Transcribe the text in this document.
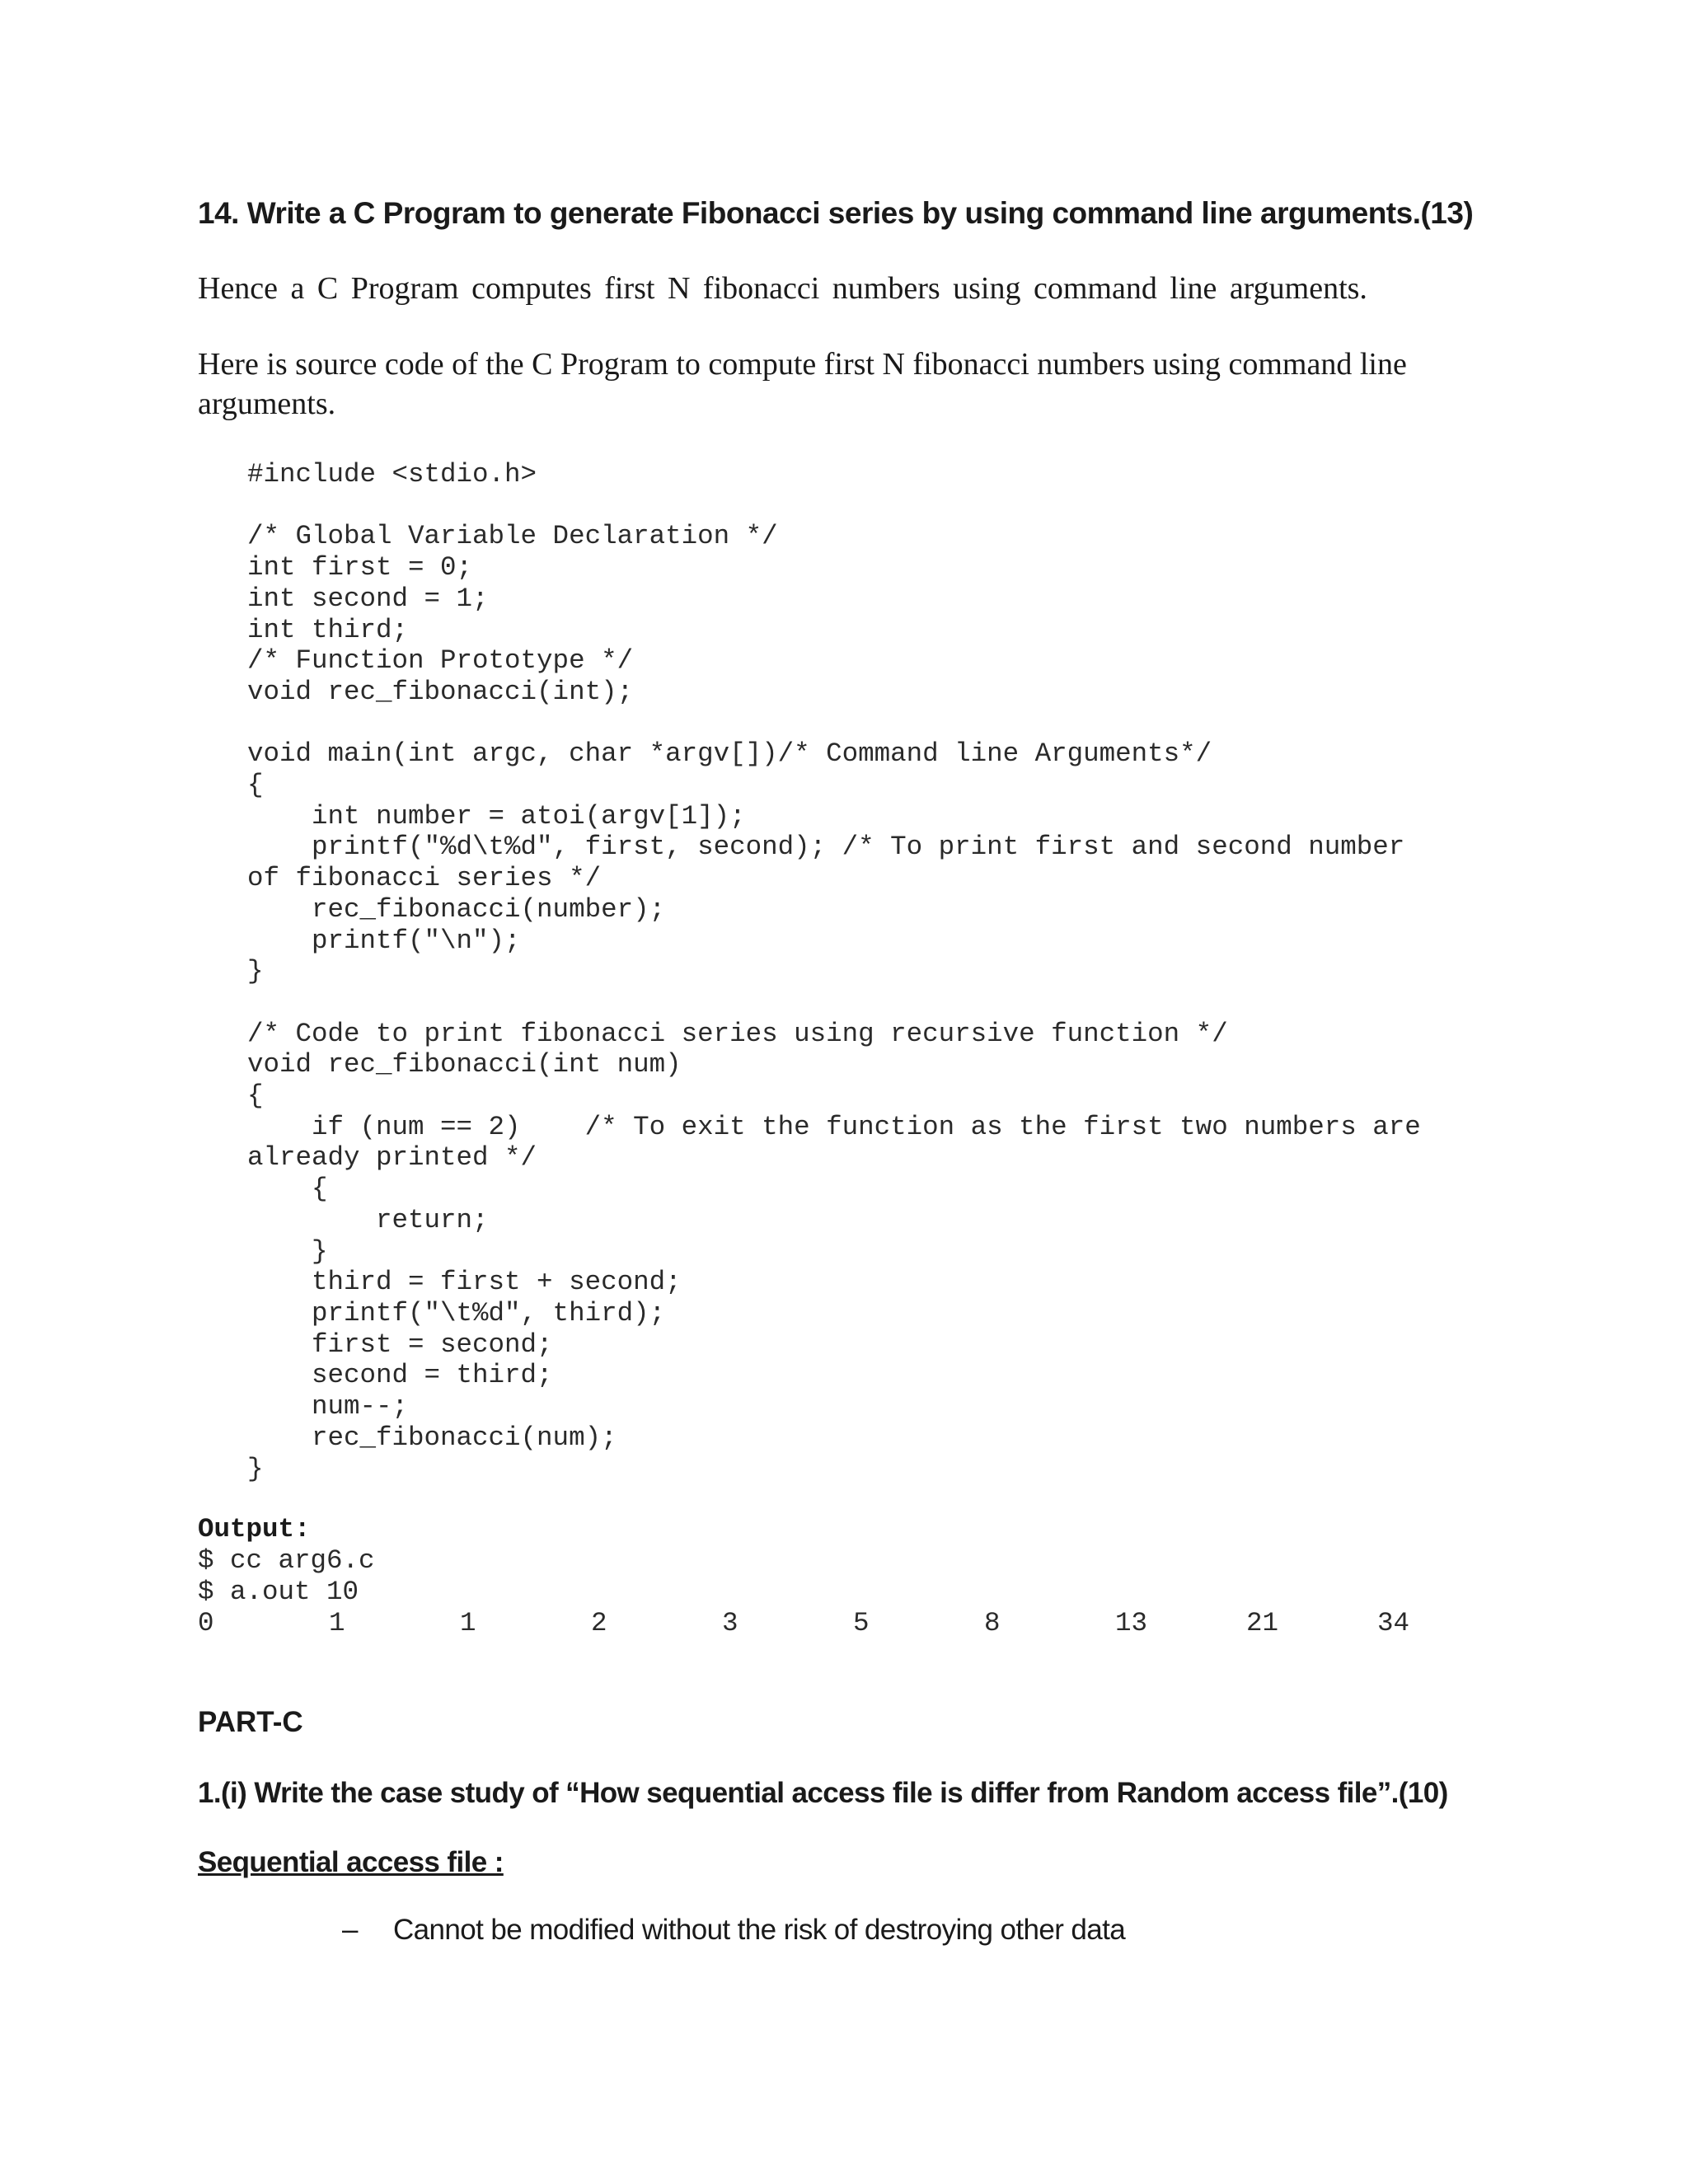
14. Write a C Program to generate Fibonacci series by using command line arguments.(13)
Hence a C Program computes first N fibonacci numbers using command line arguments.
Here is source code of the C Program to compute first N fibonacci numbers using command line arguments.
#include <stdio.h>

/* Global Variable Declaration */
int first = 0;
int second = 1;
int third;
/* Function Prototype */
void rec_fibonacci(int);

void main(int argc, char *argv[])/* Command line Arguments*/
{
int number = atoi(argv[1]);
printf("%d\t%d", first, second); /* To print first and second number
of fibonacci series */
rec_fibonacci(number);
printf("\n");
}

/* Code to print fibonacci series using recursive function */
void rec_fibonacci(int num)
{
if (num == 2)    /* To exit the function as the first two numbers are
already printed */
{
return;
}
third = first + second;
printf("\t%d", third);
first = second;
second = third;
num--;
rec_fibonacci(num);
}

Output:
$ cc arg6.c
$ a.out 10
0	1	1	2	3	5	8	13	21	34
PART-C
1.(i) Write the case study of “How sequential access file is differ from Random access file”.(10)
Sequential access file :
– Cannot be modified without the risk of destroying other data
